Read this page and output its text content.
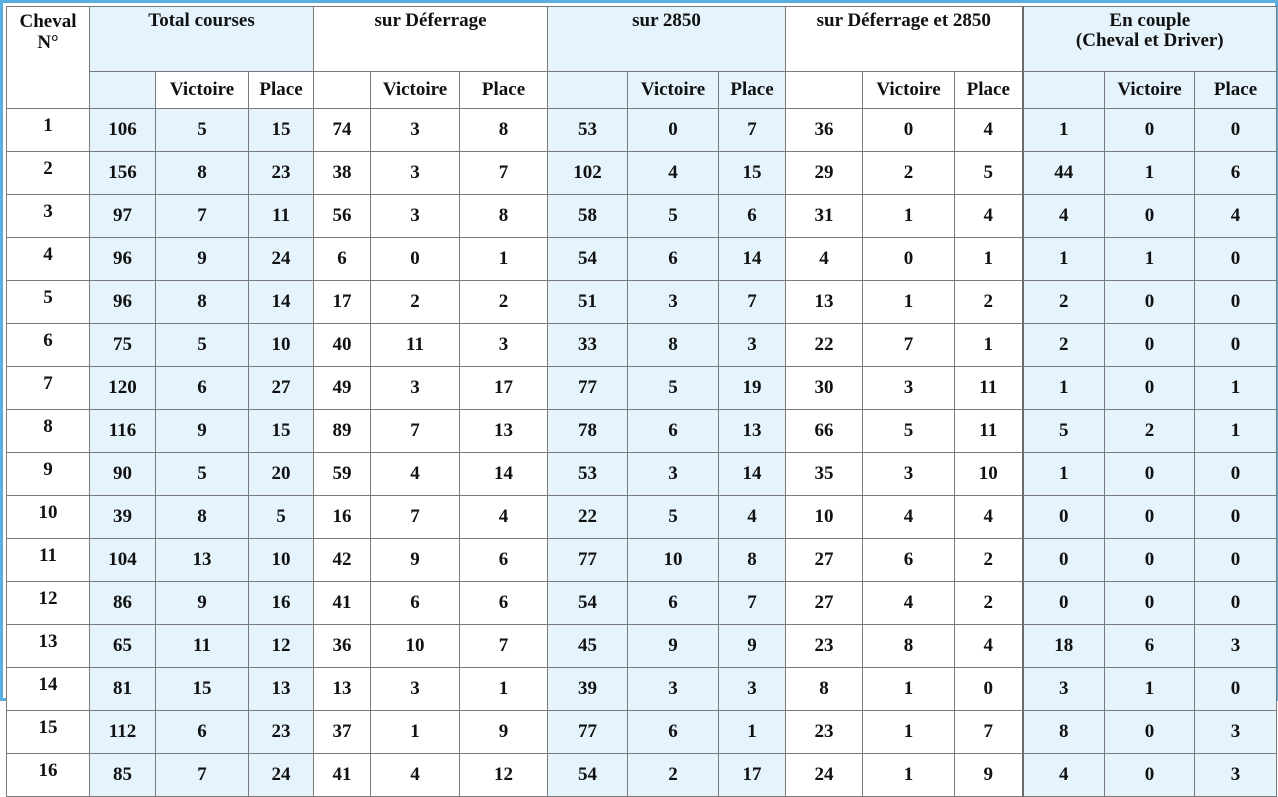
Cheval
N°	Total courses			sur Déferrage			sur 2850			sur Déferrage et 2850			En couple
(Cheval et Driver)		
		Victoire	Place		Victoire	Place		Victoire	Place		Victoire	Place		Victoire	Place
1	106	5	15	74	3	8	53	0	7	36	0	4	1	0	0
2	156	8	23	38	3	7	102	4	15	29	2	5	44	1	6
3	97	7	11	56	3	8	58	5	6	31	1	4	4	0	4
4	96	9	24	6	0	1	54	6	14	4	0	1	1	1	0
5	96	8	14	17	2	2	51	3	7	13	1	2	2	0	0
6	75	5	10	40	11	3	33	8	3	22	7	1	2	0	0
7	120	6	27	49	3	17	77	5	19	30	3	11	1	0	1
8	116	9	15	89	7	13	78	6	13	66	5	11	5	2	1
9	90	5	20	59	4	14	53	3	14	35	3	10	1	0	0
10	39	8	5	16	7	4	22	5	4	10	4	4	0	0	0
11	104	13	10	42	9	6	77	10	8	27	6	2	0	0	0
12	86	9	16	41	6	6	54	6	7	27	4	2	0	0	0
13	65	11	12	36	10	7	45	9	9	23	8	4	18	6	3
14	81	15	13	13	3	1	39	3	3	8	1	0	3	1	0
15	112	6	23	37	1	9	77	6	1	23	1	7	8	0	3
16	85	7	24	41	4	12	54	2	17	24	1	9	4	0	3
